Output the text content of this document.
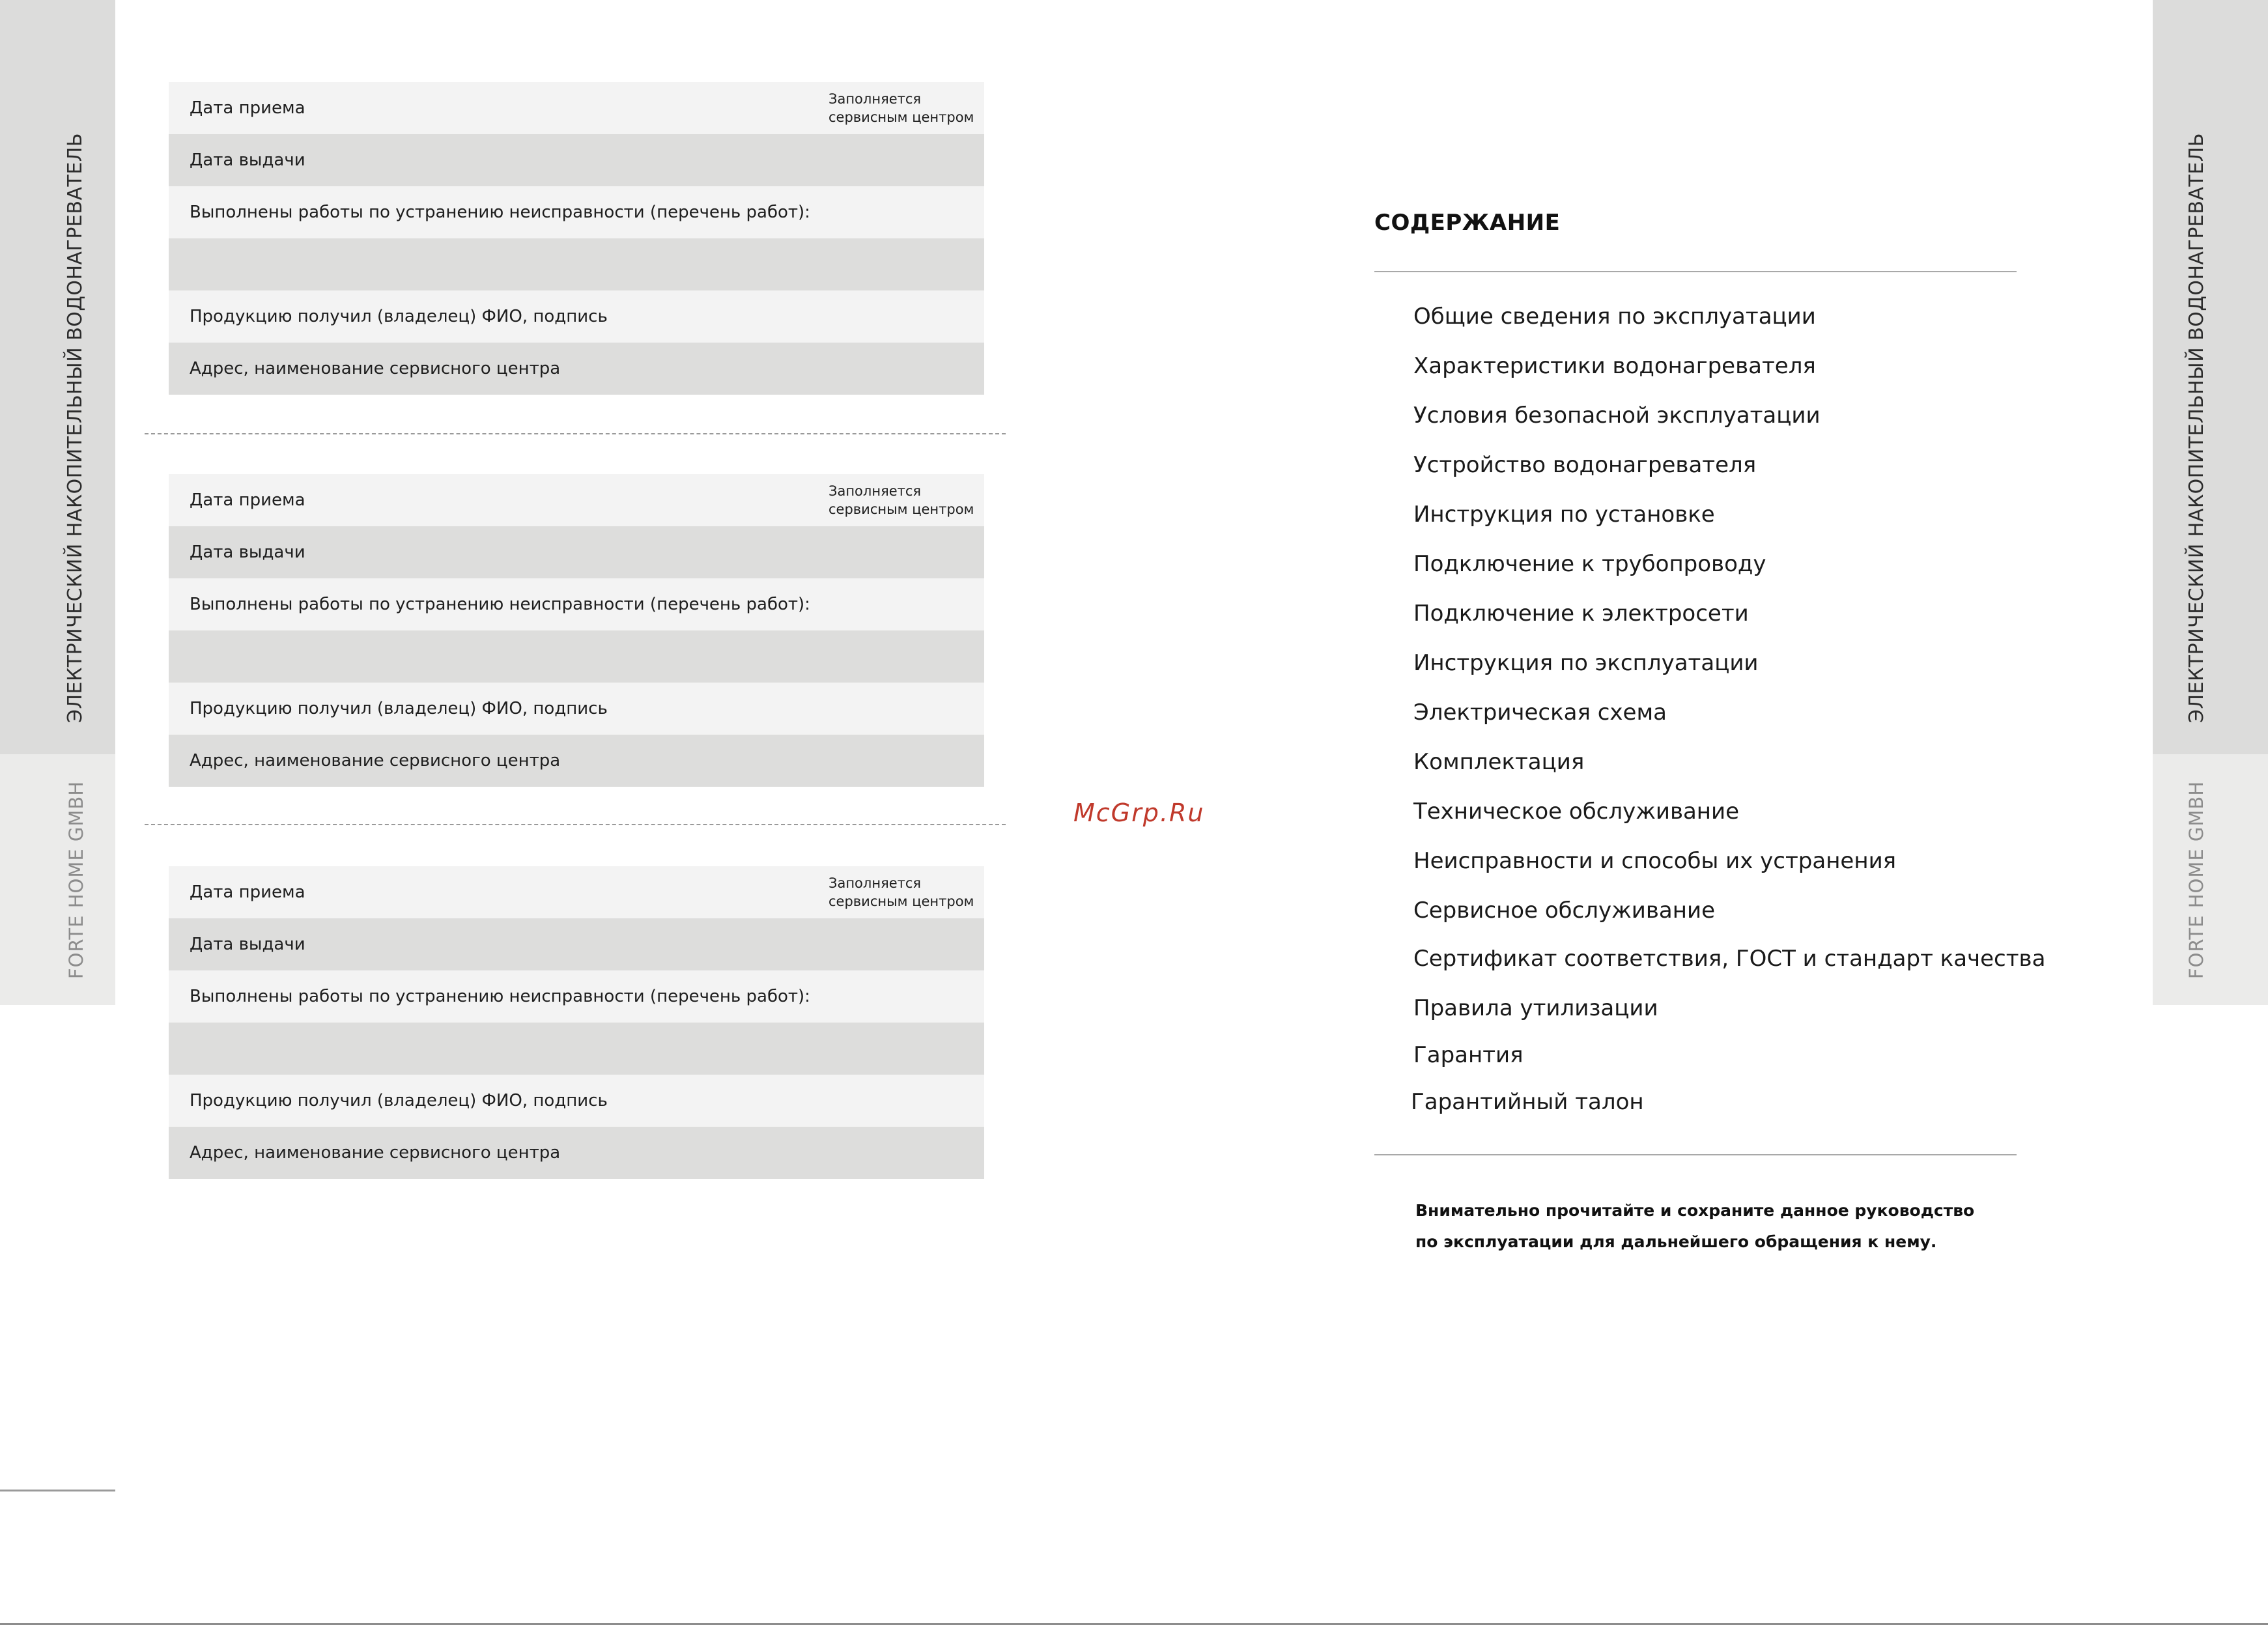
ЭЛЕКТРИЧЕСКИЙ НАКОПИТЕЛЬНЫЙ ВОДОНАГРЕВАТЕЛЬ
FORTE HOME GMBH
ЭЛЕКТРИЧЕСКИЙ НАКОПИТЕЛЬНЫЙ ВОДОНАГРЕВАТЕЛЬ
FORTE HOME GMBH
Дата приема	Заполняется
сервисным центром
Дата выдачи
Выполнены работы по устранению неисправности (перечень работ):
Продукцию получил (владелец) ФИО, подпись
Адрес, наименование сервисного центра
Дата приема	Заполняется
сервисным центром
Дата выдачи
Выполнены работы по устранению неисправности (перечень работ):
Продукцию получил (владелец) ФИО, подпись
Адрес, наименование сервисного центра
Дата приема	Заполняется
сервисным центром
Дата выдачи
Выполнены работы по устранению неисправности (перечень работ):
Продукцию получил (владелец) ФИО, подпись
Адрес, наименование сервисного центра
McGrp.Ru
СОДЕРЖАНИЕ
Общие сведения по эксплуатации
Характеристики водонагревателя
Условия безопасной эксплуатации
Устройство водонагревателя
Инструкция по установке
Подключение к трубопроводу
Подключение к электросети
Инструкция по эксплуатации
Электрическая схема
Комплектация
Техническое обслуживание
Неисправности и способы их устранения
Сервисное обслуживание
Сертификат соответствия, ГОСТ и стандарт качества
Правила утилизации
Гарантия
Гарантийный талон
Внимательно прочитайте и сохраните данное руководство
по эксплуатации для дальнейшего обращения к нему.
